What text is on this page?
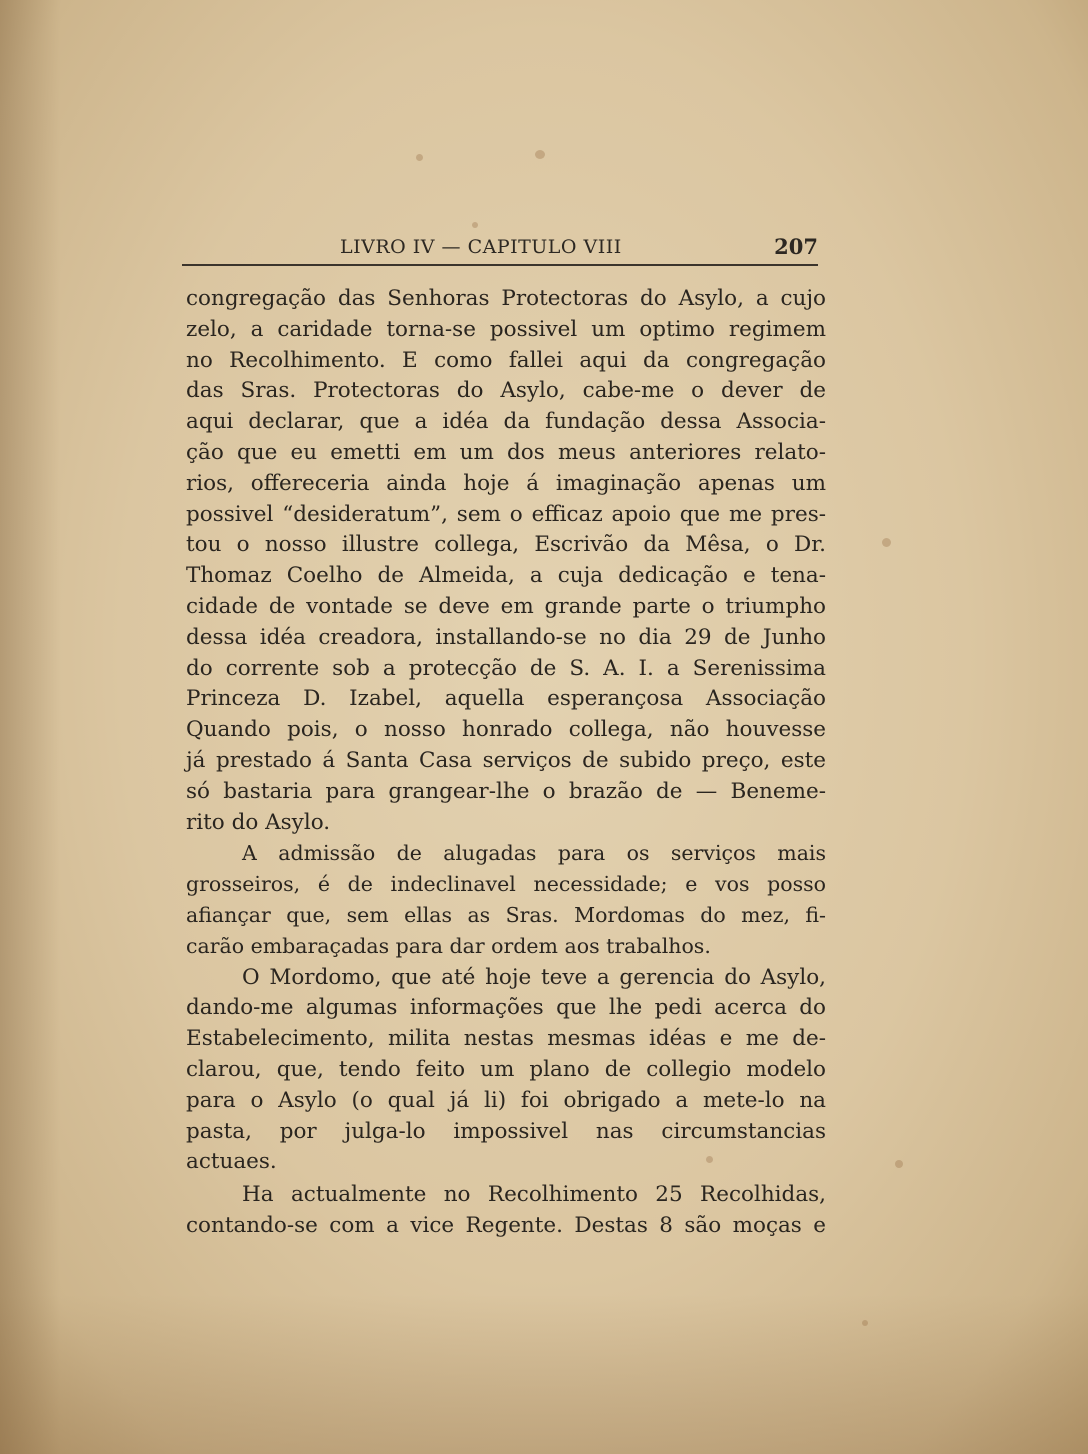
LIVRO IV — CAPITULO VIII	207
congregação das Senhoras Protectoras do Asylo, a cujo
zelo, a caridade torna-se possivel um optimo regimem
no Recolhimento. E como fallei aqui da congregação
das Sras. Protectoras do Asylo, cabe-me o dever de
aqui declarar, que a idéa da fundação dessa Associa-
ção que eu emetti em um dos meus anteriores relato-
rios, offereceria ainda hoje á imaginação apenas um
possivel “desideratum”, sem o efficaz apoio que me pres-
tou o nosso illustre collega, Escrivão da Mêsa, o Dr.
Thomaz Coelho de Almeida, a cuja dedicação e tena-
cidade de vontade se deve em grande parte o triumpho
dessa idéa creadora, installando-se no dia 29 de Junho
do corrente sob a protecção de S. A. I. a Serenissima
Princeza D. Izabel, aquella esperançosa Associação
Quando pois, o nosso honrado collega, não houvesse
já prestado á Santa Casa serviços de subido preço, este
só bastaria para grangear-lhe o brazão de — Beneme-
rito do Asylo.
A admissão de alugadas para os serviços mais
grosseiros, é de indeclinavel necessidade; e vos posso
afiançar que, sem ellas as Sras. Mordomas do mez, fi-
carão embaraçadas para dar ordem aos trabalhos.
O Mordomo, que até hoje teve a gerencia do Asylo,
dando-me algumas informações que lhe pedi acerca do
Estabelecimento, milita nestas mesmas idéas e me de-
clarou, que, tendo feito um plano de collegio modelo
para o Asylo (o qual já li) foi obrigado a mete-lo na
pasta, por julga-lo impossivel nas circumstancias
actuaes.
Ha actualmente no Recolhimento 25 Recolhidas,
contando-se com a vice Regente. Destas 8 são moças e
